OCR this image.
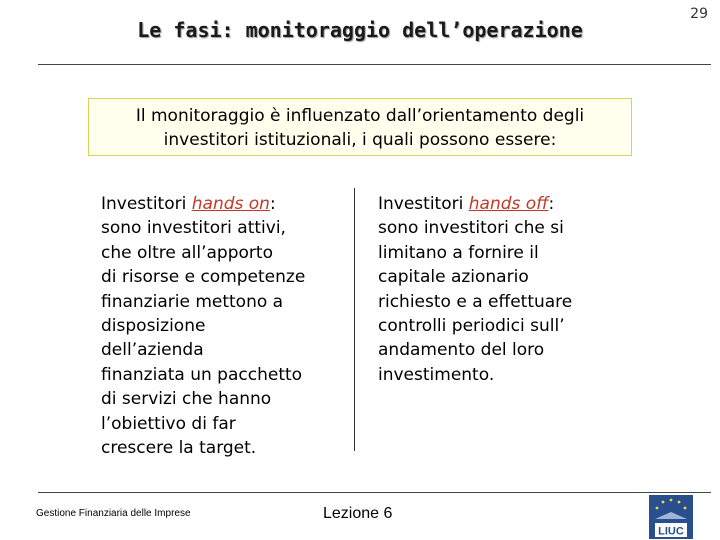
Le fasi: monitoraggio dell’operazione
29
Il monitoraggio è influenzato dall’orientamento degli
investitori istituzionali, i quali possono essere:
Investitori hands on:
sono investitori attivi,
che oltre all’apporto
di risorse e competenze
finanziarie mettono a
disposizione
dell’azienda
finanziata un pacchetto
di servizi che hanno
l’obiettivo di far
crescere la target.
Investitori hands off:
sono investitori che si
limitano a fornire il
capitale azionario
richiesto e a effettuare
controlli periodici sull’
andamento del loro
investimento.
Gestione Finanziaria delle Imprese	Lezione 6
LIUC
